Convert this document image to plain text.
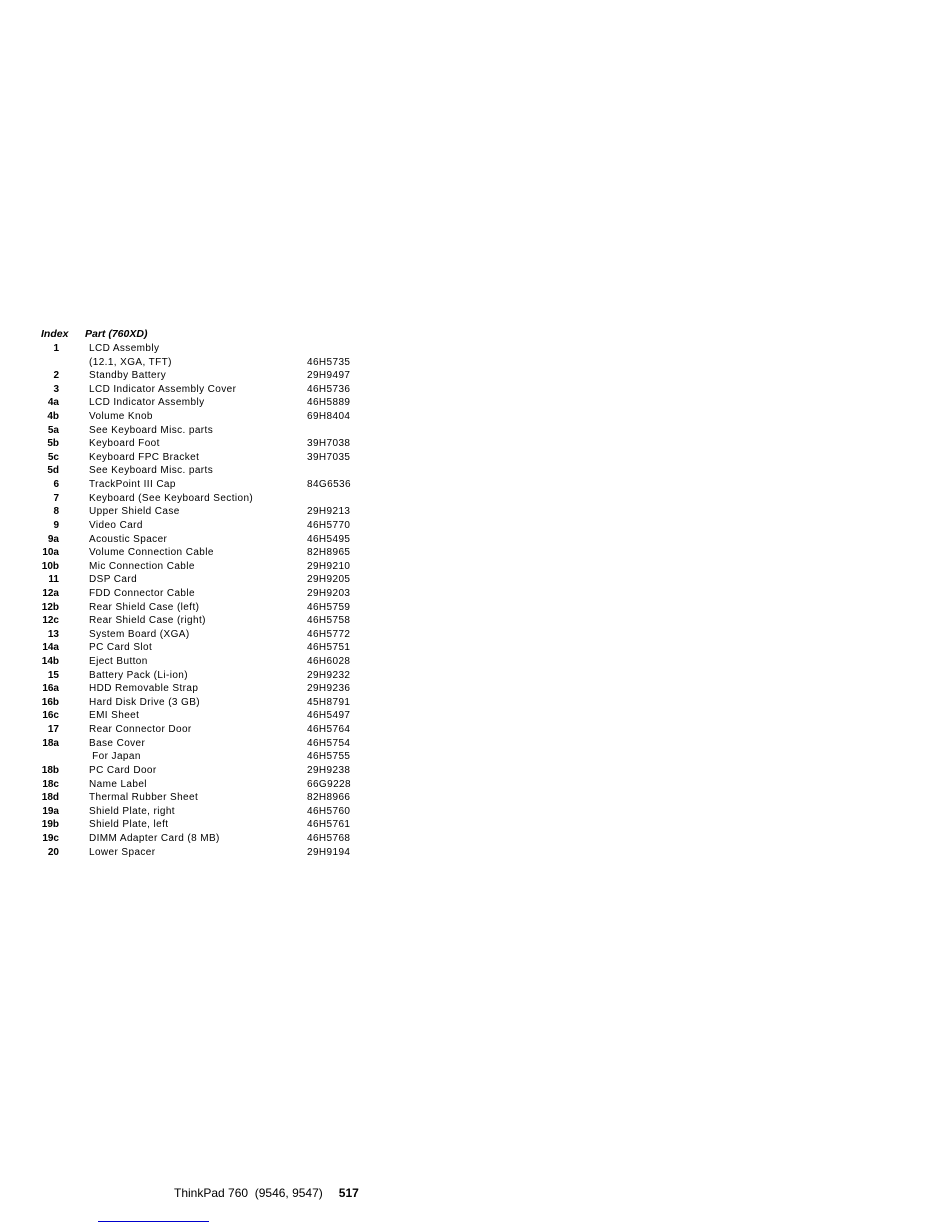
Index Part (760XD)
1	LCD Assembly
(12.1, XGA, TFT)	46H5735
2	Standby Battery	29H9497
3	LCD Indicator Assembly Cover	46H5736
4a	LCD Indicator Assembly	46H5889
4b	Volume Knob	69H8404
5a	See Keyboard Misc. parts
5b	Keyboard Foot	39H7038
5c	Keyboard FPC Bracket	39H7035
5d	See Keyboard Misc. parts
6	TrackPoint III Cap	84G6536
7	Keyboard (See Keyboard Section)
8	Upper Shield Case	29H9213
9	Video Card	46H5770
9a	Acoustic Spacer	46H5495
10a	Volume Connection Cable	82H8965
10b	Mic Connection Cable	29H9210
11	DSP Card	29H9205
12a	FDD Connector Cable	29H9203
12b	Rear Shield Case (left)	46H5759
12c	Rear Shield Case (right)	46H5758
13	System Board (XGA)	46H5772
14a	PC Card Slot	46H5751
14b	Eject Button	46H6028
15	Battery Pack (Li-ion)	29H9232
16a	HDD Removable Strap	29H9236
16b	Hard Disk Drive (3 GB)	45H8791
16c	EMI Sheet	46H5497
17	Rear Connector Door	46H5764
18a	Base Cover	46H5754
For Japan	46H5755
18b	PC Card Door	29H9238
18c	Name Label	66G9228
18d	Thermal Rubber Sheet	82H8966
19a	Shield Plate, right	46H5760
19b	Shield Plate, left	46H5761
19c	DIMM Adapter Card (8 MB)	46H5768
20	Lower Spacer	29H9194
ThinkPad 760  (9546, 9547) 517
